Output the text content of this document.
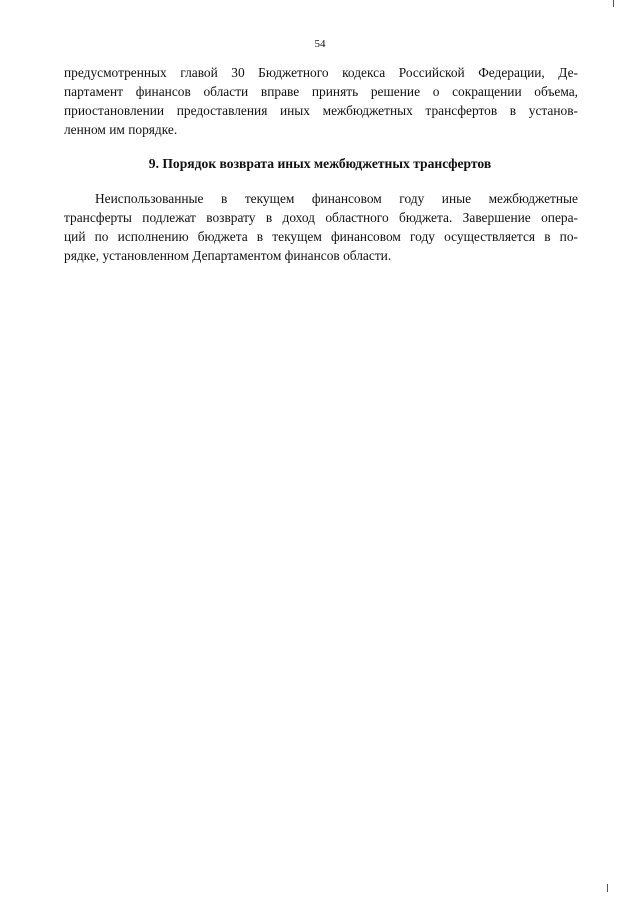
54
предусмотренных главой 30 Бюджетного кодекса Российской Федерации, Де-
партамент финансов области вправе принять решение о сокращении объема,
приостановлении предоставления иных межбюджетных трансфертов в установ-
ленном им порядке.
9. Порядок возврата иных межбюджетных трансфертов
Неиспользованные в текущем финансовом году иные межбюджетные
трансферты подлежат возврату в доход областного бюджета. Завершение опера-
ций по исполнению бюджета в текущем финансовом году осуществляется в по-
рядке, установленном Департаментом финансов области.
